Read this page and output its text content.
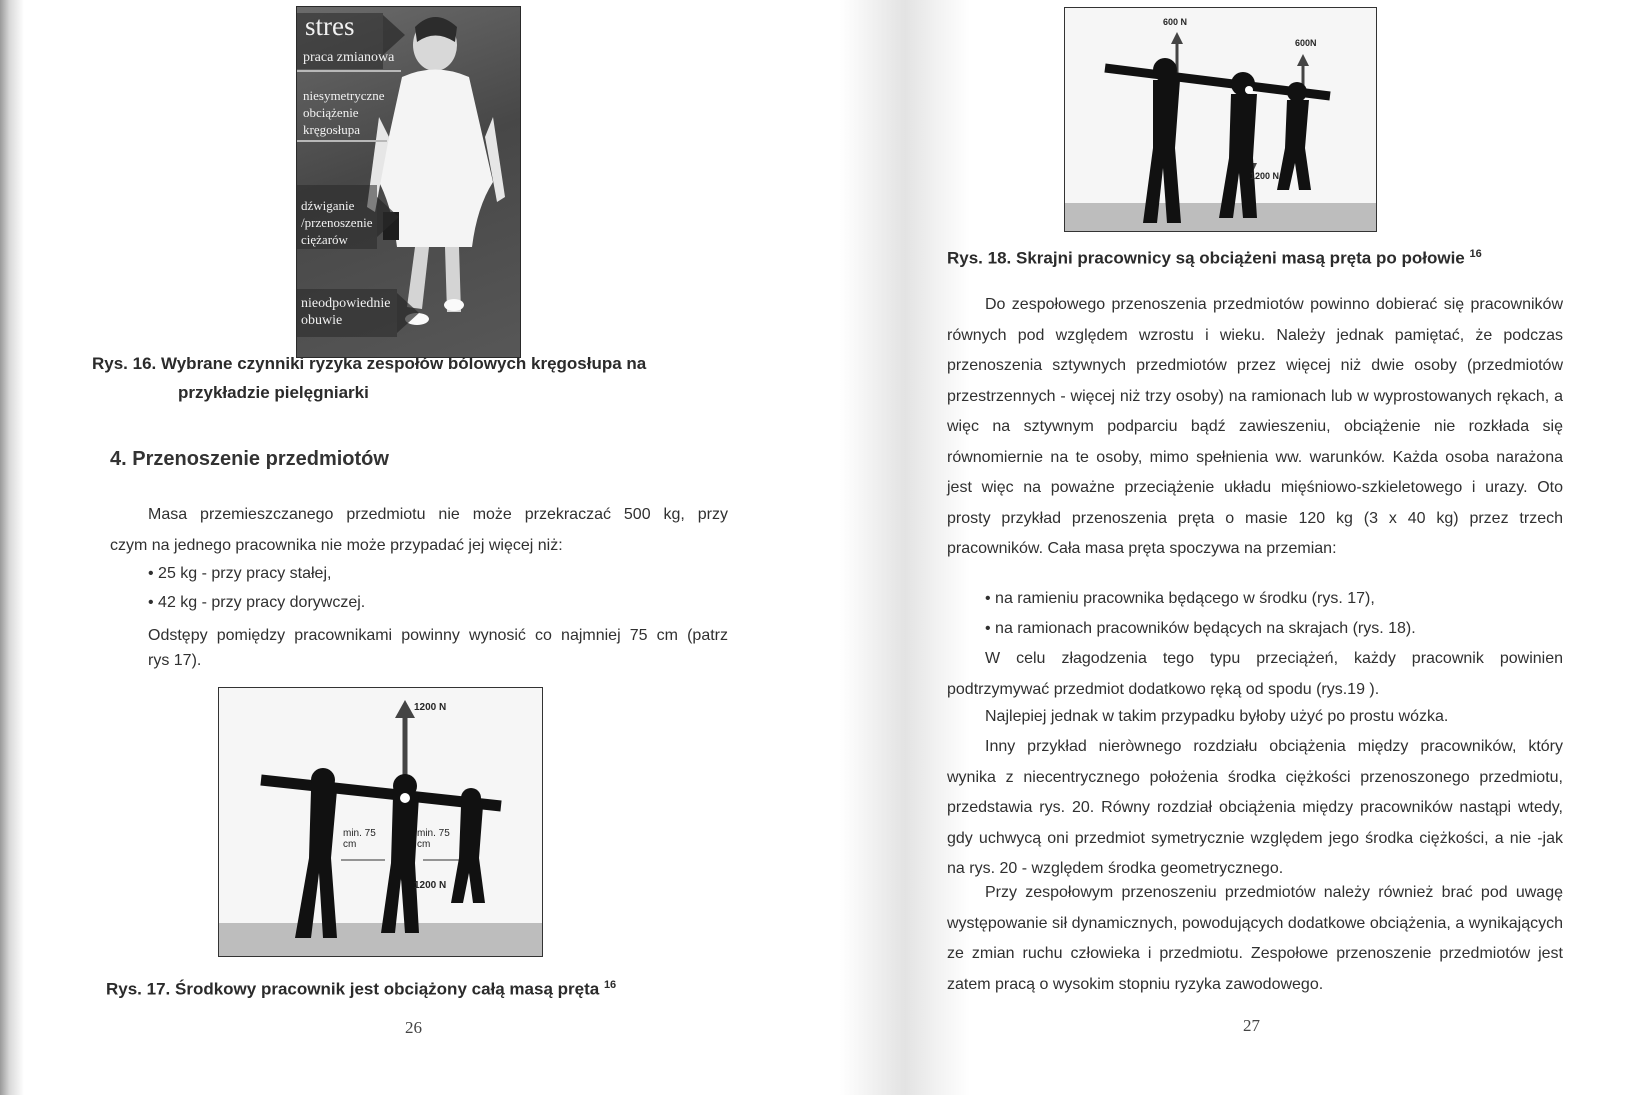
stres
praca zmianowa
niesymetryczne obciążenie kręgosłupa
dźwiganie /przenoszenie ciężarów
nieodpowiednie obuwie
Rys. 16. Wybrane czynniki ryzyka zespołów bólowych kręgosłupa na
przykładzie pielęgniarki
4. Przenoszenie przedmiotów
Masa przemieszczanego przedmiotu nie może przekraczać 500 kg, przy
czym na jednego pracownika nie może przypadać jej więcej niż:
• 25 kg - przy pracy stałej,
• 42 kg - przy pracy dorywczej.
Odstępy pomiędzy pracownikami powinny wynosić co najmniej 75 cm (patrz
rys 17).
1200 N
1200 N
min. 75 cm
min. 75 cm
Rys. 17. Środkowy pracownik jest obciążony całą masą pręta $^{16}$
26
600 N
600N
1200 N
Rys. 18. Skrajni pracownicy są obciążeni masą pręta po połowie $^{16}$
Do zespołowego przenoszenia przedmiotów powinno dobierać się pracowników równych pod względem wzrostu i wieku. Należy jednak pamiętać, że podczas przenoszenia sztywnych przedmiotów przez więcej niż dwie osoby (przedmiotów przestrzennych - więcej niż trzy osoby) na ramionach lub w wyprostowanych rękach, a więc na sztywnym podparciu bądź zawieszeniu, obciążenie nie rozkłada się równomiernie na te osoby, mimo spełnienia ww. warunków. Każda osoba narażona jest więc na poważne przeciążenie układu mięśniowo-szkieletowego i urazy. Oto prosty przykład przenoszenia pręta o masie 120 kg (3 x 40 kg) przez trzech pracowników. Cała masa pręta spoczywa na przemian:
• na ramieniu pracownika będącego w środku (rys. 17),
• na ramionach pracowników będących na skrajach (rys. 18).
W celu złagodzenia tego typu przeciążeń, każdy pracownik powinien podtrzymywać przedmiot dodatkowo ręką od spodu (rys.19 ).
Najlepiej jednak w takim przypadku byłoby użyć po prostu wózka.
Inny przykład nieròwnego rozdziału obciążenia między pracowników, który wynika z niecentrycznego położenia środka ciężkości przenoszonego przedmiotu, przedstawia rys. 20. Równy rozdział obciążenia między pracowników nastąpi wtedy, gdy uchwycą oni przedmiot symetrycznie względem jego środka ciężkości, a nie -jak na rys. 20 - względem środka geometrycznego.
Przy zespołowym przenoszeniu przedmiotów należy również brać pod uwagę występowanie sił dynamicznych, powodujących dodatkowe obciążenia, a wynikających ze zmian ruchu człowieka i przedmiotu. Zespołowe przenoszenie przedmiotów jest zatem pracą o wysokim stopniu ryzyka zawodowego.
27
